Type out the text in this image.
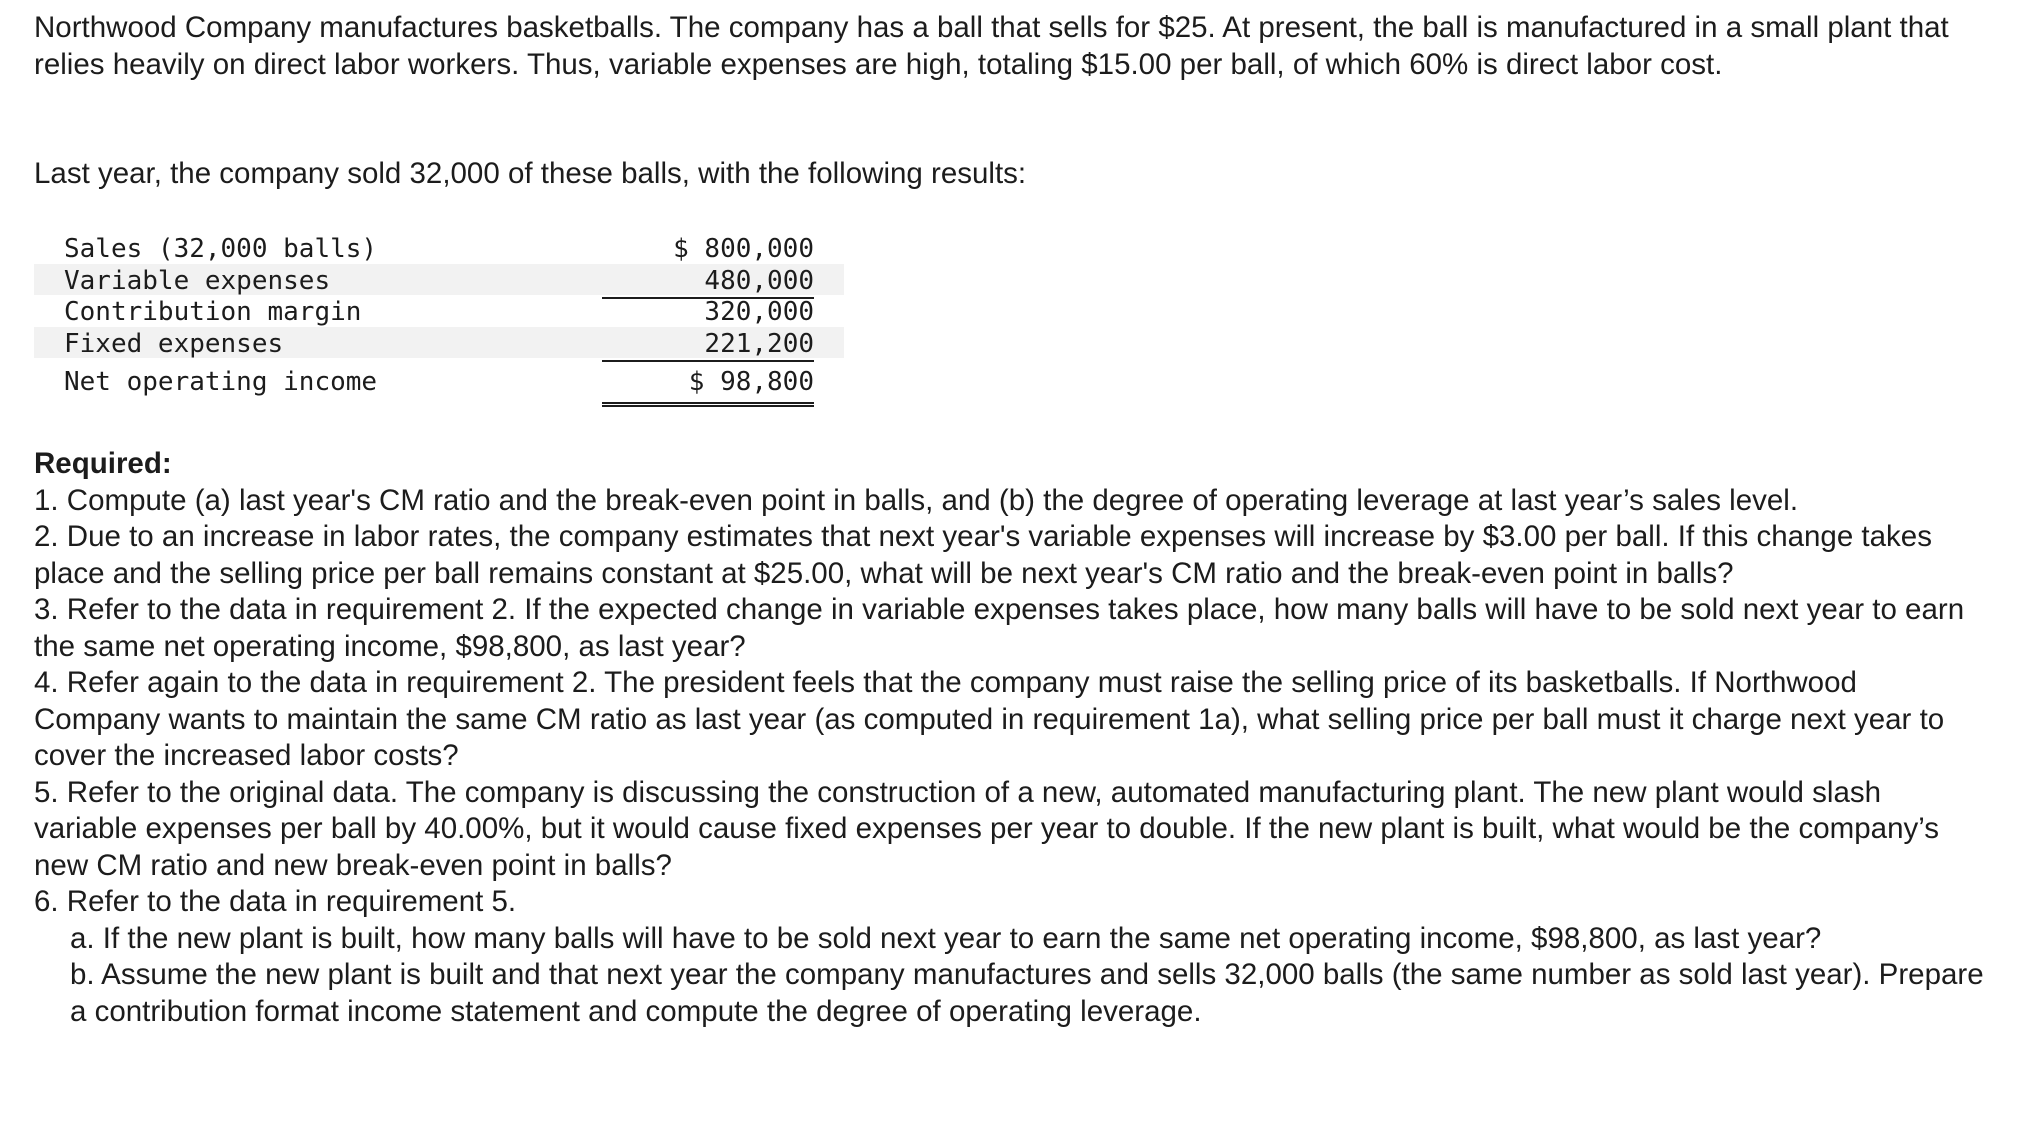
Northwood Company manufactures basketballs. The company has a ball that sells for $25. At present, the ball is manufactured in a small plant that relies heavily on direct labor workers. Thus, variable expenses are high, totaling $15.00 per ball, of which 60% is direct labor cost.

Last year, the company sold 32,000 of these balls, with the following results:

Sales (32,000 balls)	$ 800,000
Variable expenses	480,000
Contribution margin	320,000
Fixed expenses	221,200
Net operating income	$ 98,800
Required:
1. Compute (a) last year's CM ratio and the break-even point in balls, and (b) the degree of operating leverage at last year’s sales level.
2. Due to an increase in labor rates, the company estimates that next year's variable expenses will increase by $3.00 per ball. If this change takes place and the selling price per ball remains constant at $25.00, what will be next year's CM ratio and the break-even point in balls?
3. Refer to the data in requirement 2. If the expected change in variable expenses takes place, how many balls will have to be sold next year to earn the same net operating income, $98,800, as last year?
4. Refer again to the data in requirement 2. The president feels that the company must raise the selling price of its basketballs. If Northwood Company wants to maintain the same CM ratio as last year (as computed in requirement 1a), what selling price per ball must it charge next year to cover the increased labor costs?
5. Refer to the original data. The company is discussing the construction of a new, automated manufacturing plant. The new plant would slash variable expenses per ball by 40.00%, but it would cause fixed expenses per year to double. If the new plant is built, what would be the company’s new CM ratio and new break-even point in balls?
6. Refer to the data in requirement 5.
a. If the new plant is built, how many balls will have to be sold next year to earn the same net operating income, $98,800, as last year?
b. Assume the new plant is built and that next year the company manufactures and sells 32,000 balls (the same number as sold last year). Prepare a contribution format income statement and compute the degree of operating leverage.
